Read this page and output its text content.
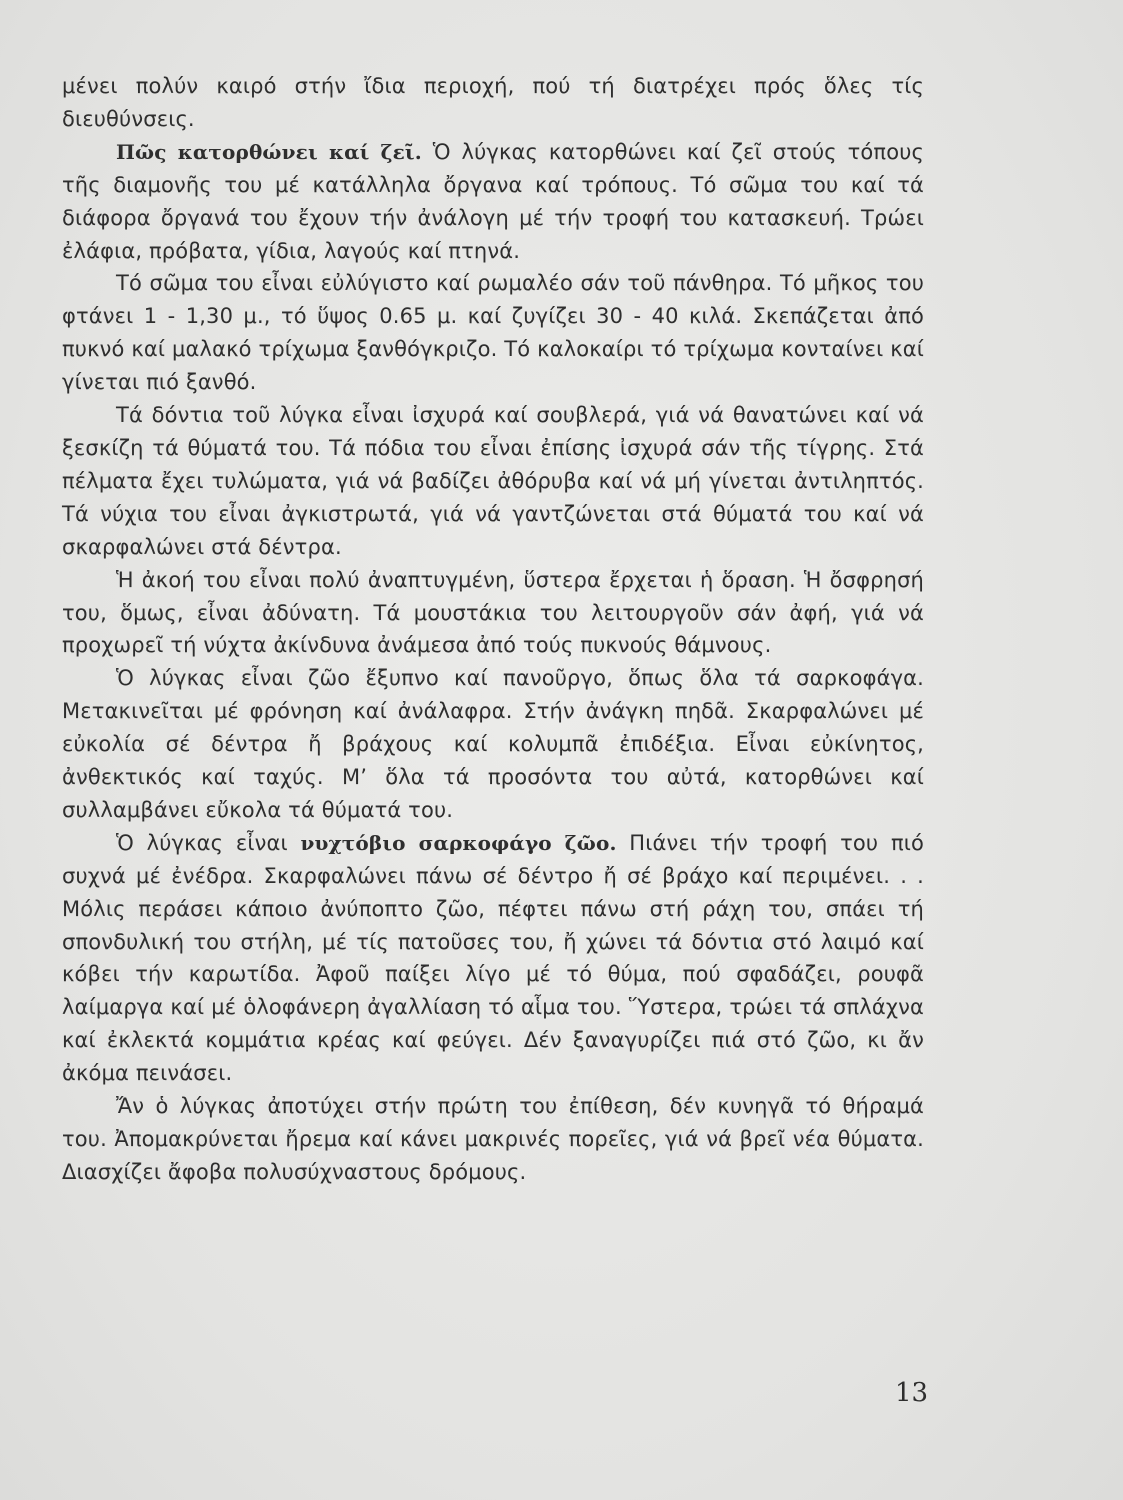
μένει πολύν καιρό στήν ἴδια περιοχή, πού τή διατρέχει πρός ὅλες τίς διευθύνσεις.

Πῶς κατορθώνει καί ζεῖ. Ὁ λύγκας κατορθώνει καί ζεῖ στούς τόπους τῆς διαμονῆς του μέ κατάλληλα ὄργανα καί τρόπους. Τό σῶμα του καί τά διάφορα ὄργανά του ἔχουν τήν ἀνάλογη μέ τήν τροφή του κατασκευή. Τρώει ἐλάφια, πρόβατα, γίδια, λαγούς καί πτηνά.

Τό σῶμα του εἶναι εὐλύγιστο καί ρωμαλέο σάν τοῦ πάνθηρα. Τό μῆκος του φτάνει 1 - 1,30 μ., τό ὕψος 0.65 μ. καί ζυγίζει 30 - 40 κιλά. Σκεπάζεται ἀπό πυκνό καί μαλακό τρίχωμα ξανθόγκριζο. Τό καλοκαίρι τό τρίχωμα κονταίνει καί γίνεται πιό ξανθό.

Τά δόντια τοῦ λύγκα εἶναι ἰσχυρά καί σουβλερά, γιά νά θανατώνει καί νά ξεσκίζη τά θύματά του. Τά πόδια του εἶναι ἐπίσης ἰσχυρά σάν τῆς τίγρης. Στά πέλματα ἔχει τυλώματα, γιά νά βαδίζει ἀθόρυβα καί νά μή γίνεται ἀντιληπτός. Τά νύχια του εἶναι ἀγκιστρωτά, γιά νά γαντζώνεται στά θύματά του καί νά σκαρφαλώνει στά δέντρα.

Ἡ ἀκοή του εἶναι πολύ ἀναπτυγμένη, ὕστερα ἔρχεται ἡ ὅραση. Ἡ ὄσφρησή του, ὅμως, εἶναι ἀδύνατη. Τά μουστάκια του λειτουργοῦν σάν ἀφή, γιά νά προχωρεῖ τή νύχτα ἀκίνδυνα ἀνάμεσα ἀπό τούς πυκνούς θάμνους.

Ὁ λύγκας εἶναι ζῶο ἔξυπνο καί πανοῦργο, ὅπως ὅλα τά σαρκοφάγα. Μετακινεῖται μέ φρόνηση καί ἀνάλαφρα. Στήν ἀνάγκη πηδᾶ. Σκαρφαλώνει μέ εὐκολία σέ δέντρα ἤ βράχους καί κολυμπᾶ ἐπιδέξια. Εἶναι εὐκίνητος, ἀνθεκτικός καί ταχύς. Μ’ ὅλα τά προσόντα του αὐτά, κατορθώνει καί συλλαμβάνει εὔκολα τά θύματά του.

Ὁ λύγκας εἶναι νυχτόβιο σαρκοφάγο ζῶο. Πιάνει τήν τροφή του πιό συχνά μέ ἐνέδρα. Σκαρφαλώνει πάνω σέ δέντρο ἤ σέ βράχο καί περιμένει. . . Μόλις περάσει κάποιο ἀνύποπτο ζῶο, πέφτει πάνω στή ράχη του, σπάει τή σπονδυλική του στήλη, μέ τίς πατοῦσες του, ἤ χώνει τά δόντια στό λαιμό καί κόβει τήν καρωτίδα. Ἀφοῦ παίξει λίγο μέ τό θύμα, πού σφαδάζει, ρουφᾶ λαίμαργα καί μέ ὁλοφάνερη ἀγαλλίαση τό αἷμα του. Ὕστερα, τρώει τά σπλάχνα καί ἐκλεκτά κομμάτια κρέας καί φεύγει. Δέν ξαναγυρίζει πιά στό ζῶο, κι ἄν ἀκόμα πεινάσει.

Ἄν ὁ λύγκας ἀποτύχει στήν πρώτη του ἐπίθεση, δέν κυνηγᾶ τό θήραμά του. Ἀπομακρύνεται ἤρεμα καί κάνει μακρινές πορεῖες, γιά νά βρεῖ νέα θύματα. Διασχίζει ἄφοβα πολυσύχναστους δρόμους.

13
